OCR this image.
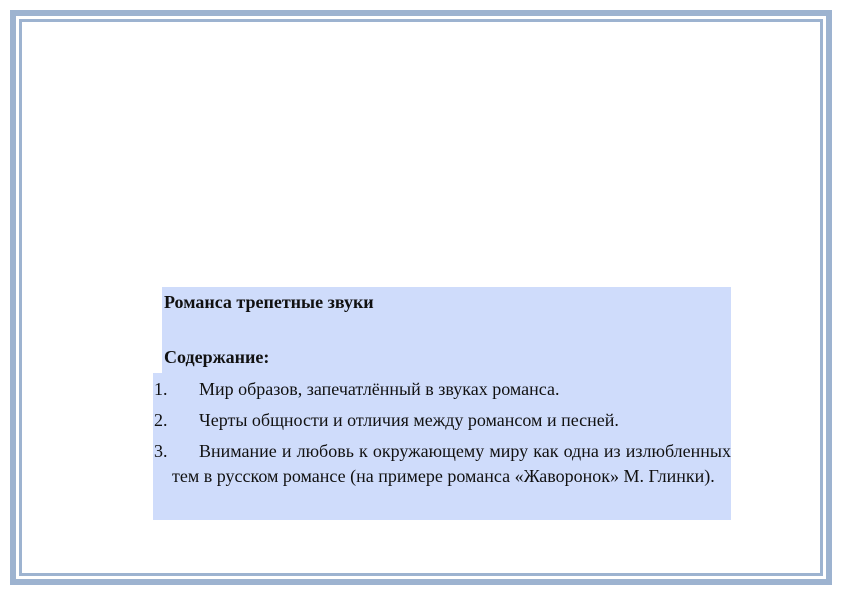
Романса трепетные звуки
Содержание:
1.	Мир образов, запечатлённый в звуках романса.
2.	Черты общности и отличия между романсом и песней.
3.	Внимание и любовь к окружающему миру как одна из излюбленных тем в русском романсе (на примере романса «Жаворонок» М. Глинки).
